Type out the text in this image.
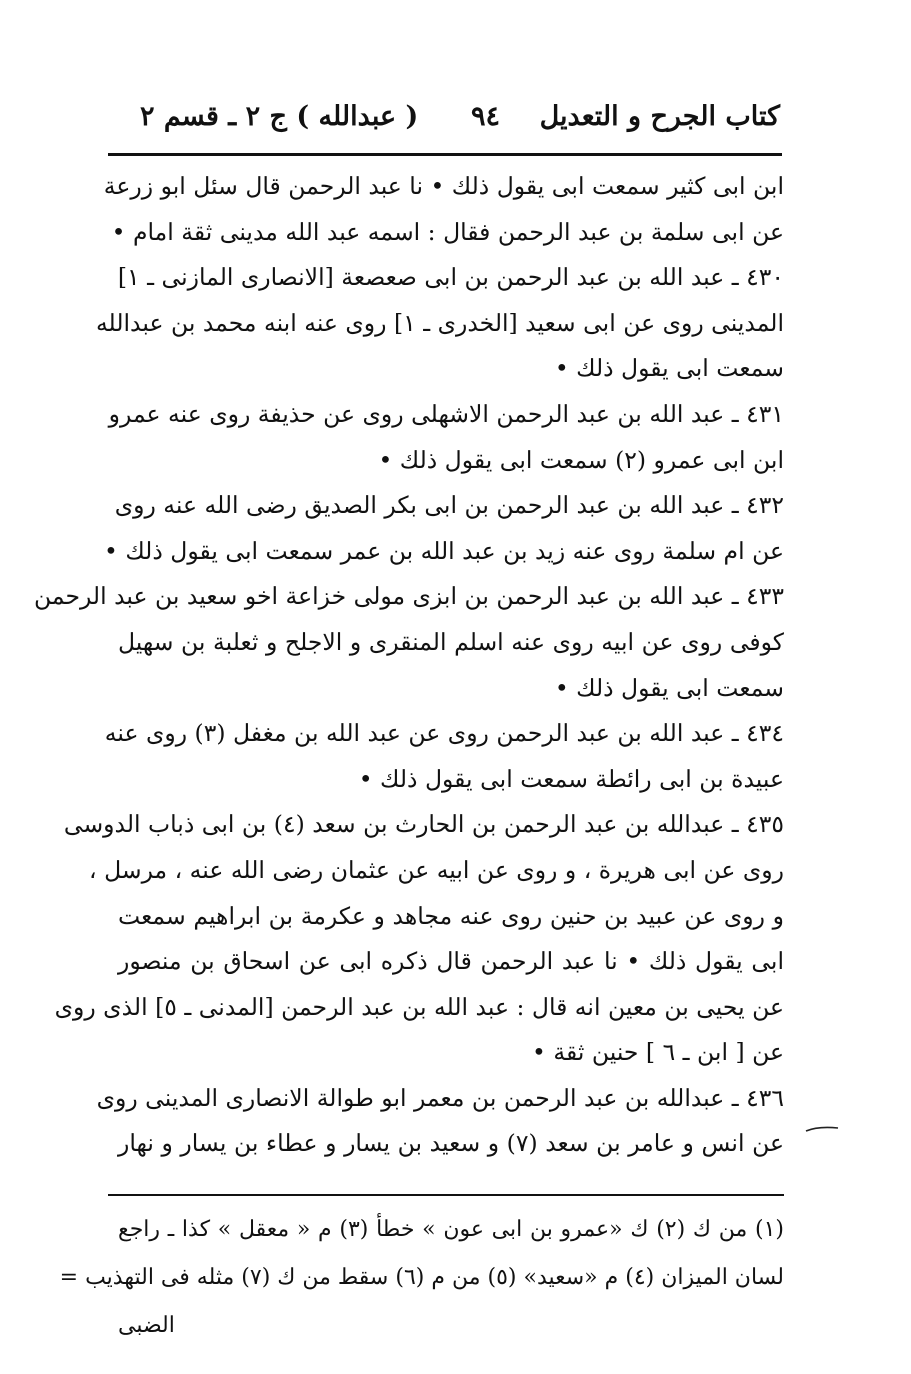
كتاب الجرح و التعديل
٩٤
( عبدالله ) ج ٢ ـ قسم ٢
ابن ابى كثير سمعت ابى يقول ذلك • نا عبد الرحمن قال سئل ابو زرعة
عن ابى سلمة بن عبد الرحمن فقال : اسمه عبد الله مدينى ثقة امام •
٤٣٠ ـ عبد الله بن عبد الرحمن بن ابى صعصعة [الانصارى المازنى ـ ١]
المدينى روى عن ابى سعيد [الخدرى ـ ١] روى عنه ابنه محمد بن عبدالله
سمعت ابى يقول ذلك •
٤٣١ ـ عبد الله بن عبد الرحمن الاشهلى روى عن حذيفة روى عنه عمرو
ابن ابى عمرو (٢) سمعت ابى يقول ذلك •
٤٣٢ ـ عبد الله بن عبد الرحمن بن ابى بكر الصديق رضى الله عنه روى
عن ام سلمة روى عنه زيد بن عبد الله بن عمر سمعت ابى يقول ذلك •
٤٣٣ ـ عبد الله بن عبد الرحمن بن ابزى مولى خزاعة اخو سعيد بن عبد الرحمن
كوفى روى عن ابيه روى عنه اسلم المنقرى و الاجلح و ثعلبة بن سهيل
سمعت ابى يقول ذلك •
٤٣٤ ـ عبد الله بن عبد الرحمن روى عن عبد الله بن مغفل (٣) روى عنه
عبيدة بن ابى رائطة سمعت ابى يقول ذلك •
٤٣٥ ـ عبدالله بن عبد الرحمن بن الحارث بن سعد (٤) بن ابى ذباب الدوسى
روى عن ابى هريرة ، و روى عن ابيه عن عثمان رضى الله عنه ، مرسل ،
و روى عن عبيد بن حنين روى عنه مجاهد و عكرمة بن ابراهيم سمعت
ابى يقول ذلك • نا عبد الرحمن قال ذكره ابى عن اسحاق بن منصور
عن يحيى بن معين انه قال : عبد الله بن عبد الرحمن [المدنى ـ ٥] الذى روى
عن [ ابن ـ ٦ ] حنين ثقة •
٤٣٦ ـ عبدالله بن عبد الرحمن بن معمر ابو طوالة الانصارى المدينى روى
عن انس و عامر بن سعد (٧) و سعيد بن يسار و عطاء بن يسار و نهار
(١) من ك (٢) ك «عمرو بن ابى عون » خطأ (٣) م « معقل » كذا ـ راجع
لسان الميزان (٤) م «سعيد» (٥) من م (٦) سقط من ك (٧) مثله فى التهذيب =
الضبى
